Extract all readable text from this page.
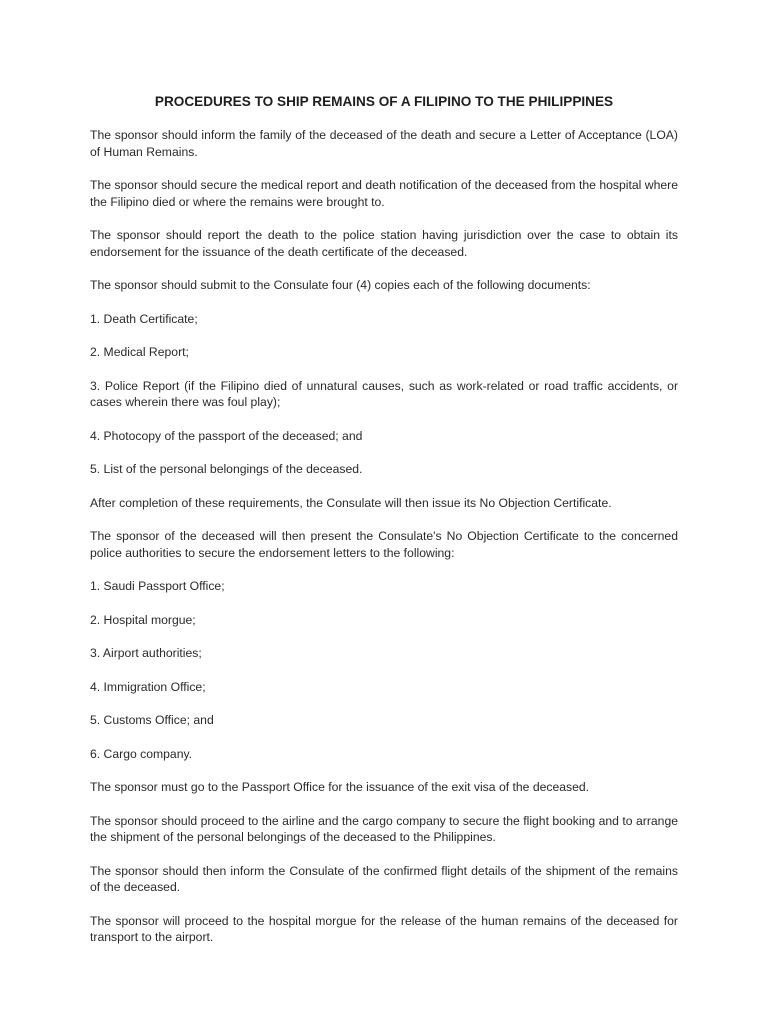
PROCEDURES TO SHIP REMAINS OF A FILIPINO TO THE PHILIPPINES

The sponsor should inform the family of the deceased of the death and secure a Letter of Acceptance (LOA) of Human Remains.

The sponsor should secure the medical report and death notification of the deceased from the hospital where the Filipino died or where the remains were brought to.

The sponsor should report the death to the police station having jurisdiction over the case to obtain its endorsement for the issuance of the death certificate of the deceased.

The sponsor should submit to the Consulate four (4) copies each of the following documents:

1. Death Certificate;

2. Medical Report;

3. Police Report (if the Filipino died of unnatural causes, such as work-related or road traffic accidents, or cases wherein there was foul play);

4. Photocopy of the passport of the deceased; and

5. List of the personal belongings of the deceased.

After completion of these requirements, the Consulate will then issue its No Objection Certificate.

The sponsor of the deceased will then present the Consulate's No Objection Certificate to the concerned police authorities to secure the endorsement letters to the following:

1. Saudi Passport Office;

2. Hospital morgue;

3. Airport authorities;

4. Immigration Office;

5. Customs Office; and

6. Cargo company.

The sponsor must go to the Passport Office for the issuance of the exit visa of the deceased.

The sponsor should proceed to the airline and the cargo company to secure the flight booking and to arrange the shipment of the personal belongings of the deceased to the Philippines.

The sponsor should then inform the Consulate of the confirmed flight details of the shipment of the remains of the deceased.

The sponsor will proceed to the hospital morgue for the release of the human remains of the deceased for transport to the airport.
